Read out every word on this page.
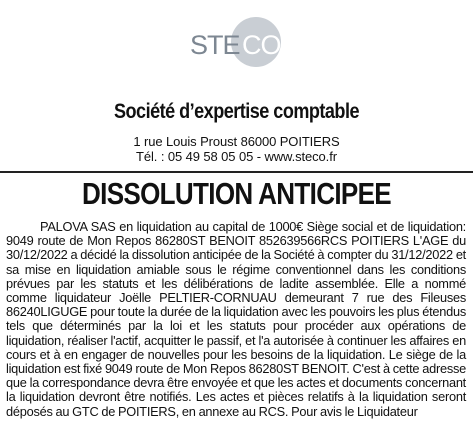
STE CO
Société d’expertise comptable
1 rue Louis Proust 86000 POITIERS
Tél. : 05 49 58 05 05 - www.steco.fr
DISSOLUTION ANTICIPEE
PALOVA SAS en liquidation au capital de 1000€ Siège social et de liquidation: 9049 route de Mon Repos 86280ST BENOIT 852639566RCS POITIERS L'AGE du 30/12/2022 a décidé la dissolution anticipée de la Société à compter du 31/12/2022 et sa mise en liquidation amiable sous le régime conventionnel dans les conditions prévues par les statuts et les délibérations de ladite assemblée. Elle a nommé comme liquidateur Joëlle PELTIER-CORNUAU demeurant 7 rue des Fileuses 86240LIGUGE pour toute la durée de la liquidation avec les pouvoirs les plus étendus tels que déterminés par la loi et les statuts pour procéder aux opérations de liquidation, réaliser l'actif, acquitter le passif, et l'a autorisée à continuer les affaires en cours et à en engager de nouvelles pour les besoins de la liquidation. Le siège de la liquidation est fixé 9049 route de Mon Repos 86280ST BENOIT. C'est à cette adresse que la correspondance devra être envoyée et que les actes et documents concernant la liquidation devront être notifiés. Les actes et pièces relatifs à la liquidation seront déposés au GTC de POITIERS, en annexe au RCS. Pour avis le Liquidateur
